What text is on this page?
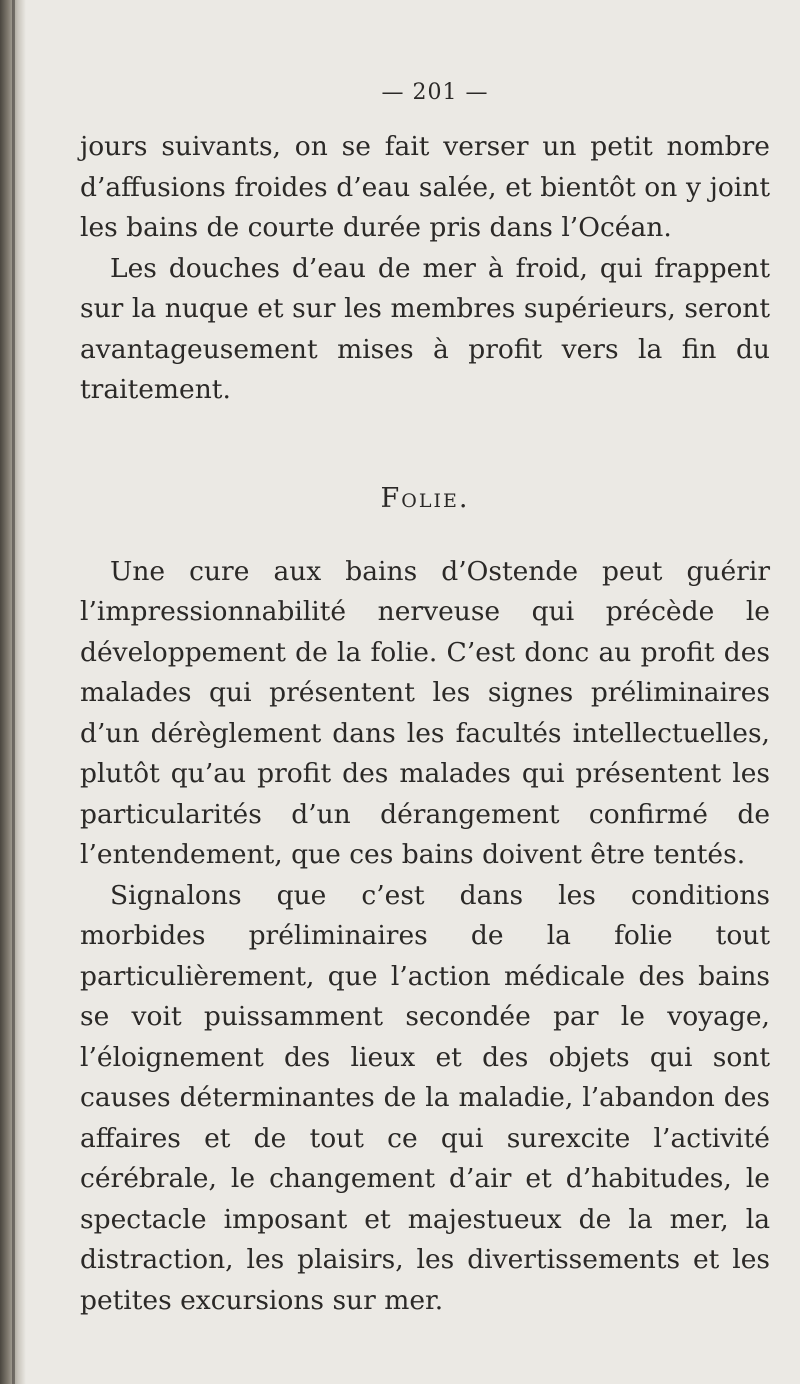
— 201 —

jours suivants, on se fait verser un petit nombre d’affusions froides d’eau salée, et bientôt on y joint les bains de courte durée pris dans l’Océan.

Les douches d’eau de mer à froid, qui frappent sur la nuque et sur les membres supérieurs, seront avantageusement mises à profit vers la fin du traitement.

Folie.

Une cure aux bains d’Ostende peut guérir l’impressionnabilité nerveuse qui précède le développement de la folie. C’est donc au profit des malades qui présentent les signes préliminaires d’un dérèglement dans les facultés intellectuelles, plutôt qu’au profit des malades qui présentent les particularités d’un dérangement confirmé de l’entendement, que ces bains doivent être tentés.

Signalons que c’est dans les conditions morbides préliminaires de la folie tout particulièrement, que l’action médicale des bains se voit puissamment secondée par le voyage, l’éloignement des lieux et des objets qui sont causes déterminantes de la maladie, l’abandon des affaires et de tout ce qui surexcite l’activité cérébrale, le changement d’air et d’habitudes, le spectacle imposant et majestueux de la mer, la distraction, les plaisirs, les divertissements et les petites excursions sur mer.
